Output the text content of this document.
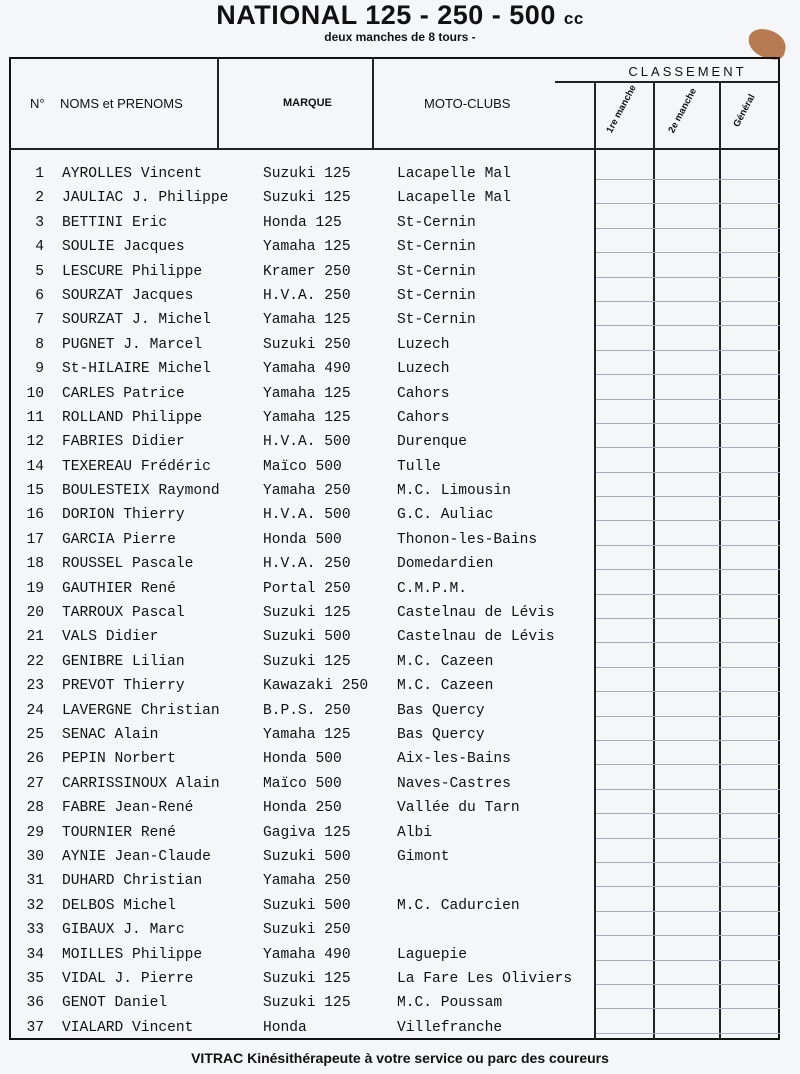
NATIONAL 125 - 250 - 500 cc
deux manches de 8 tours -
N° NOMS et PRENOMS	MARQUE	MOTO-CLUBS
CLASSEMENT
1re manche	2e manche	Général
1 AYROLLES Vincent	Suzuki 125	Lacapelle Mal
2 JAULIAC J. Philippe Suzuki 125	Lacapelle Mal
3 BETTINI Eric	Honda 125	St-Cernin
4 SOULIE Jacques	Yamaha 125	St-Cernin
5 LESCURE Philippe	Kramer 250	St-Cernin
6 SOURZAT Jacques	H.V.A. 250	St-Cernin
7 SOURZAT J. Michel	Yamaha 125	St-Cernin
8 PUGNET J. Marcel	Suzuki 250	Luzech
9 St-HILAIRE Michel	Yamaha 490	Luzech
10 CARLES Patrice	Yamaha 125	Cahors
11 ROLLAND Philippe	Yamaha 125	Cahors
12 FABRIES Didier	H.V.A. 500	Durenque
14 TEXEREAU Frédéric	Maïco 500	Tulle
15 BOULESTEIX Raymond	Yamaha 250	M.C. Limousin
16 DORION Thierry	H.V.A. 500	G.C. Auliac
17 GARCIA Pierre	Honda 500	Thonon-les-Bains
18 ROUSSEL Pascale	H.V.A. 250	Domedardien
19 GAUTHIER René	Portal 250	C.M.P.M.
20 TARROUX Pascal	Suzuki 125	Castelnau de Lévis
21 VALS Didier	Suzuki 500	Castelnau de Lévis
22 GENIBRE Lilian	Suzuki 125	M.C. Cazeen
23 PREVOT Thierry	Kawazaki 250 M.C. Cazeen
24 LAVERGNE Christian	B.P.S. 250	Bas Quercy
25 SENAC Alain	Yamaha 125	Bas Quercy
26 PEPIN Norbert	Honda 500	Aix-les-Bains
27 CARRISSINOUX Alain	Maïco 500	Naves-Castres
28 FABRE Jean-René	Honda 250	Vallée du Tarn
29 TOURNIER René	Gagiva 125	Albi
30 AYNIE Jean-Claude	Suzuki 500	Gimont
31 DUHARD Christian	Yamaha 250
32 DELBOS Michel	Suzuki 500	M.C. Cadurcien
33 GIBAUX J. Marc	Suzuki 250
34 MOILLES Philippe	Yamaha 490	Laguepie
35 VIDAL J. Pierre	Suzuki 125	La Fare Les Oliviers
36 GENOT Daniel	Suzuki 125	M.C. Poussam
37 VIALARD Vincent	Honda	Villefranche
VITRAC Kinésithérapeute à votre service ou parc des coureurs
